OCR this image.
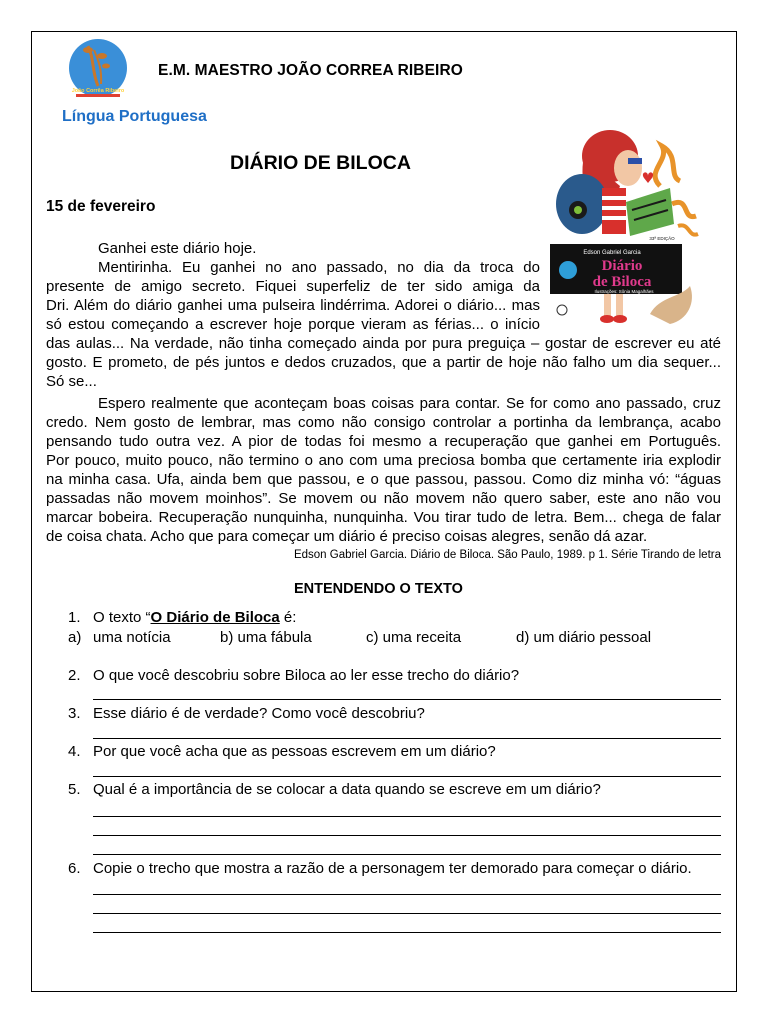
João Corrêa Ribeiro
E.M. MAESTRO JOÃO CORREA RIBEIRO
Língua Portuguesa
DIÁRIO DE BILOCA
15 de fevereiro
Edson Gabriel Garcia
Diário
de Biloca
Ilustrações: Sônia Magalhães
33ª EDIÇÃO
Ganhei este diário hoje.
Mentirinha. Eu ganhei no ano passado, no dia da troca do
presente de amigo secreto. Fiquei superfeliz de ter sido amiga da
Dri. Além do diário ganhei uma pulseira lindérrima. Adorei o diário... mas
só estou começando a escrever hoje porque vieram as férias... o início
das aulas... Na verdade, não tinha começado ainda por pura preguiça – gostar de escrever eu até
gosto. E prometo, de pés juntos e dedos cruzados, que a partir de hoje não falho um dia sequer...
Só se...
Espero realmente que aconteçam boas coisas para contar. Se for como ano passado, cruz
credo. Nem gosto de lembrar, mas como não consigo controlar a portinha da lembrança, acabo
pensando tudo outra vez. A pior de todas foi mesmo a recuperação que ganhei em Português.
Por pouco, muito pouco, não termino o ano com uma preciosa bomba que certamente iria explodir
na minha casa. Ufa, ainda bem que passou, e o que passou, passou. Como diz minha vó: “águas
passadas não movem moinhos”. Se movem ou não movem não quero saber, este ano não vou
marcar bobeira. Recuperação nunquinha, nunquinha. Vou tirar tudo de letra. Bem... chega de falar
de coisa chata. Acho que para começar um diário é preciso coisas alegres, senão dá azar.
Edson Gabriel Garcia. Diário de Biloca. São Paulo, 1989. p 1. Série Tirando de letra
ENTENDENDO O TEXTO
1. O texto “O Diário de Biloca é:
a) uma notícia	b) uma fábula	c) uma receita	d) um diário pessoal
2. O que você descobriu sobre Biloca ao ler esse trecho do diário?
3. Esse diário é de verdade? Como você descobriu?
4. Por que você acha que as pessoas escrevem em um diário?
5. Qual é a importância de se colocar a data quando se escreve em um diário?
6. Copie o trecho que mostra a razão de a personagem ter demorado para começar o diário.
